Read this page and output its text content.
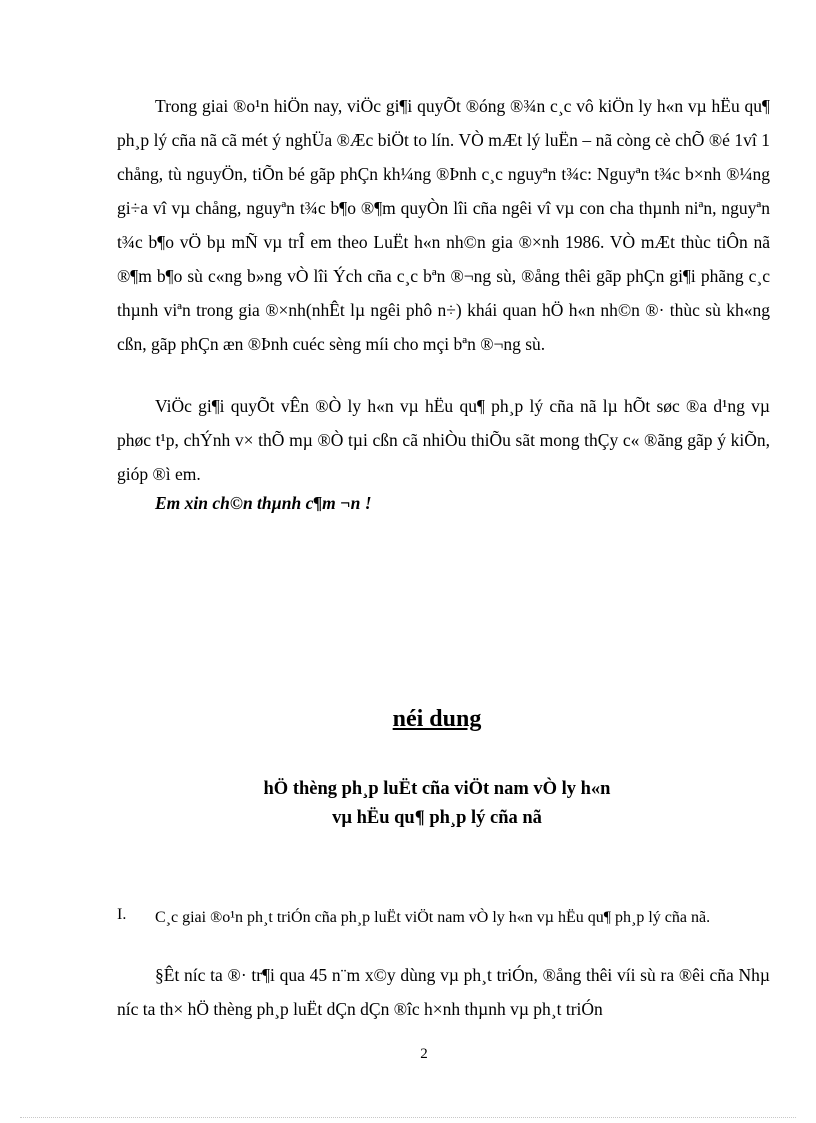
Trong giai ®o¹n hiÖn nay, viÖc gi¶i quyÕt ®óng ®¾n c¸c vô kiÖn ly h«n vµ hËu qu¶ ph¸p lý cña nã cã mét ý nghÜa ®Æc biÖt to lín. VÒ mÆt lý luËn – nã còng cè chÕ ®é 1vî 1 chång, tù nguyÖn, tiÕn bé gãp phÇn kh¼ng ®Þnh c¸c nguyªn t¾c: Nguyªn t¾c b×nh ®¼ng gi÷a vî vµ chång, nguyªn t¾c b¶o ®¶m quyÒn lîi cña ngêi vî vµ con cha thµnh niªn, nguyªn t¾c b¶o vÖ bµ mÑ vµ trÎ em theo LuËt h«n nh©n gia ®×nh 1986. VÒ mÆt thùc tiÔn nã ®¶m b¶o sù c«ng b»ng vÒ lîi Ých cña c¸c bªn ®¬ng sù, ®ång thêi gãp phÇn gi¶i phãng c¸c thµnh viªn trong gia ®×nh(nhÊt lµ ngêi phô n÷) khái quan hÖ h«n nh©n ®· thùc sù kh«ng cßn, gãp phÇn æn ®Þnh cuéc sèng míi cho mçi bªn ®¬ng sù.

ViÖc gi¶i quyÕt vÊn ®Ò ly h«n vµ hËu qu¶ ph¸p lý cña nã lµ hÕt søc ®a d¹ng vµ phøc t¹p, chÝnh v× thÕ mµ ®Ò tµi cßn cã nhiÒu thiÕu sãt mong thÇy c« ®ãng gãp ý kiÕn, gióp ®ì em.

Em xin ch©n thµnh c¶m ¬n !

néi dung
hÖ thèng ph¸p luËt cña viÖt nam vÒ ly h«n
vµ hËu qu¶ ph¸p lý cña nã
I. C¸c giai ®o¹n ph¸t triÓn cña ph¸p luËt viÖt nam vÒ ly h«n vµ hËu qu¶ ph¸p lý cña nã.

§Êt níc ta ®· tr¶i qua 45 n¨m x©y dùng vµ ph¸t triÓn, ®ång thêi víi sù ra ®êi cña Nhµ níc ta th× hÖ thèng ph¸p luËt dÇn dÇn ®îc h×nh thµnh vµ ph¸t triÓn

2
